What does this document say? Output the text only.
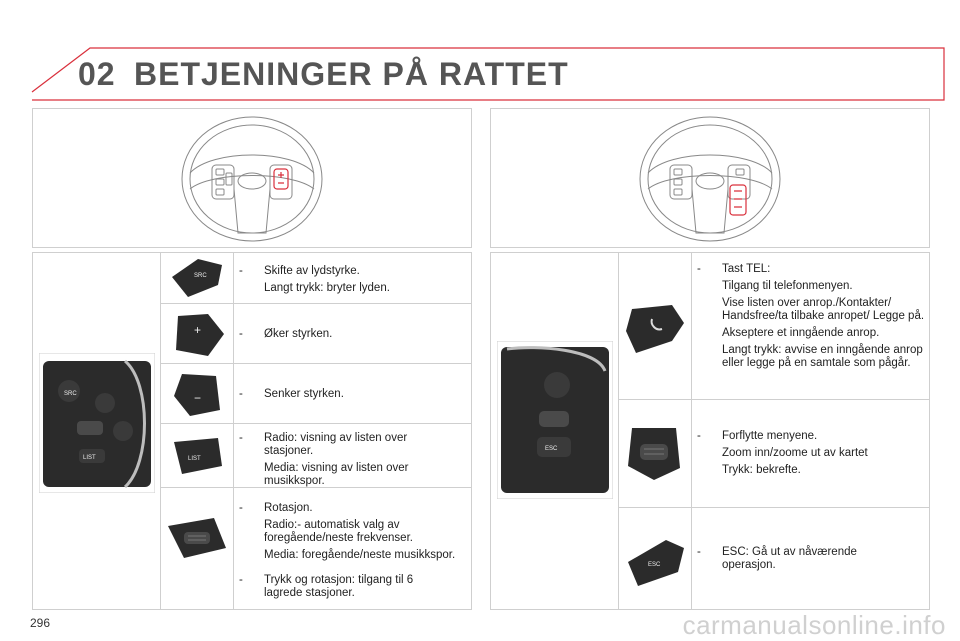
02 BETJENINGER PÅ RATTET
SRC
LIST
SRC	- Skifte av lydstyrke.

Langt trykk: bryter lyden.

+	- Øker styrken.

−	- Senker styrken.

LIST
- Radio: visning av listen over stasjoner.

Media: visning av listen over musikkspor.

- Rotasjon.

Radio:- automatisk valg av foregående/neste frekvenser.

Media: foregående/neste musikkspor.

- Trykk og rotasjon: tilgang til 6 lagrede stasjoner.

ESC
- Tast TEL:

Tilgang til telefonmenyen.

Vise listen over anrop./Kontakter/ Handsfree/ta tilbake anropet/ Legge på.

Akseptere et inngående anrop.

Langt trykk: avvise en inngående anrop eller legge på en samtale som pågår.

- Forflytte menyene.

Zoom inn/zoome ut av kartet

Trykk: bekrefte.

ESC
- ESC: Gå ut av nåværende operasjon.

296	carmanualsonline.info
